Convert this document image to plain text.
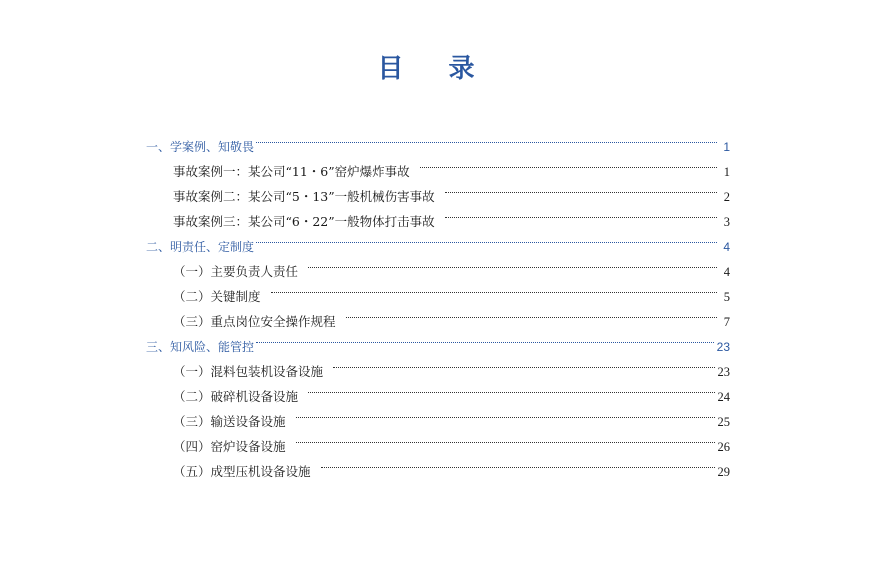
目 录
一、学案例、知敬畏	1
事故案例一：某公司“11・6”窑炉爆炸事故	1
事故案例二：某公司“5・13”一般机械伤害事故	2
事故案例三：某公司“6・22”一般物体打击事故	3
二、明责任、定制度	4
（一）主要负责人责任	4
（二）关键制度	5
（三）重点岗位安全操作规程	7
三、知风险、能管控	23
（一）混料包装机设备设施	23
（二）破碎机设备设施	24
（三）输送设备设施	25
（四）窑炉设备设施	26
（五）成型压机设备设施	29
